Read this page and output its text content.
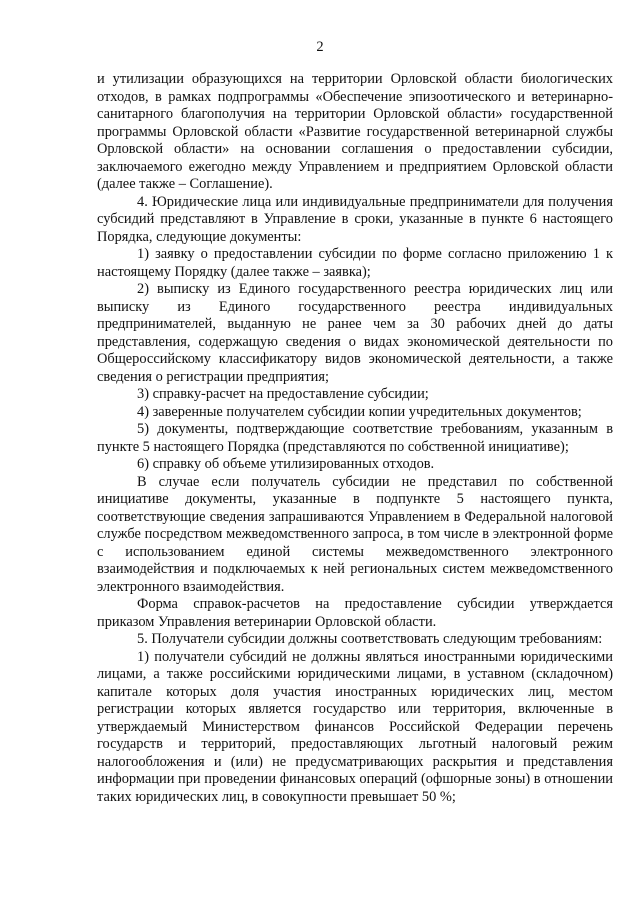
2

и утилизации образующихся на территории Орловской области биологических отходов, в рамках подпрограммы «Обеспечение эпизоотического и ветеринарно-санитарного благополучия на территории Орловской области» государственной программы Орловской области «Развитие государственной ветеринарной службы Орловской области» на основании соглашения о предоставлении субсидии, заключаемого ежегодно между Управлением и предприятием Орловской области (далее также – Соглашение).

4. Юридические лица или индивидуальные предприниматели для получения субсидий представляют в Управление в сроки, указанные в пункте 6 настоящего Порядка, следующие документы:

1) заявку о предоставлении субсидии по форме согласно приложению 1 к настоящему Порядку (далее также – заявка);

2) выписку из Единого государственного реестра юридических лиц или выписку из Единого государственного реестра индивидуальных предпринимателей, выданную не ранее чем за 30 рабочих дней до даты представления, содержащую сведения о видах экономической деятельности по Общероссийскому классификатору видов экономической деятельности, а также сведения о регистрации предприятия;

3) справку-расчет на предоставление субсидии;

4) заверенные получателем субсидии копии учредительных документов;

5) документы, подтверждающие соответствие требованиям, указанным в пункте 5 настоящего Порядка (представляются по собственной инициативе);

6) справку об объеме утилизированных отходов.

В случае если получатель субсидии не представил по собственной инициативе документы, указанные в подпункте 5 настоящего пункта, соответствующие сведения запрашиваются Управлением в Федеральной налоговой службе посредством межведомственного запроса, в том числе в электронной форме с использованием единой системы межведомственного электронного взаимодействия и подключаемых к ней региональных систем межведомственного электронного взаимодействия.

Форма справок-расчетов на предоставление субсидии утверждается приказом Управления ветеринарии Орловской области.

5. Получатели субсидии должны соответствовать следующим требованиям:

1) получатели субсидий не должны являться иностранными юридическими лицами, а также российскими юридическими лицами, в уставном (складочном) капитале которых доля участия иностранных юридических лиц, местом регистрации которых является государство или территория, включенные в утверждаемый Министерством финансов Российской Федерации перечень государств и территорий, предоставляющих льготный налоговый режим налогообложения и (или) не предусматривающих раскрытия и представления информации при проведении финансовых операций (офшорные зоны) в отношении таких юридических лиц, в совокупности превышает 50 %;
